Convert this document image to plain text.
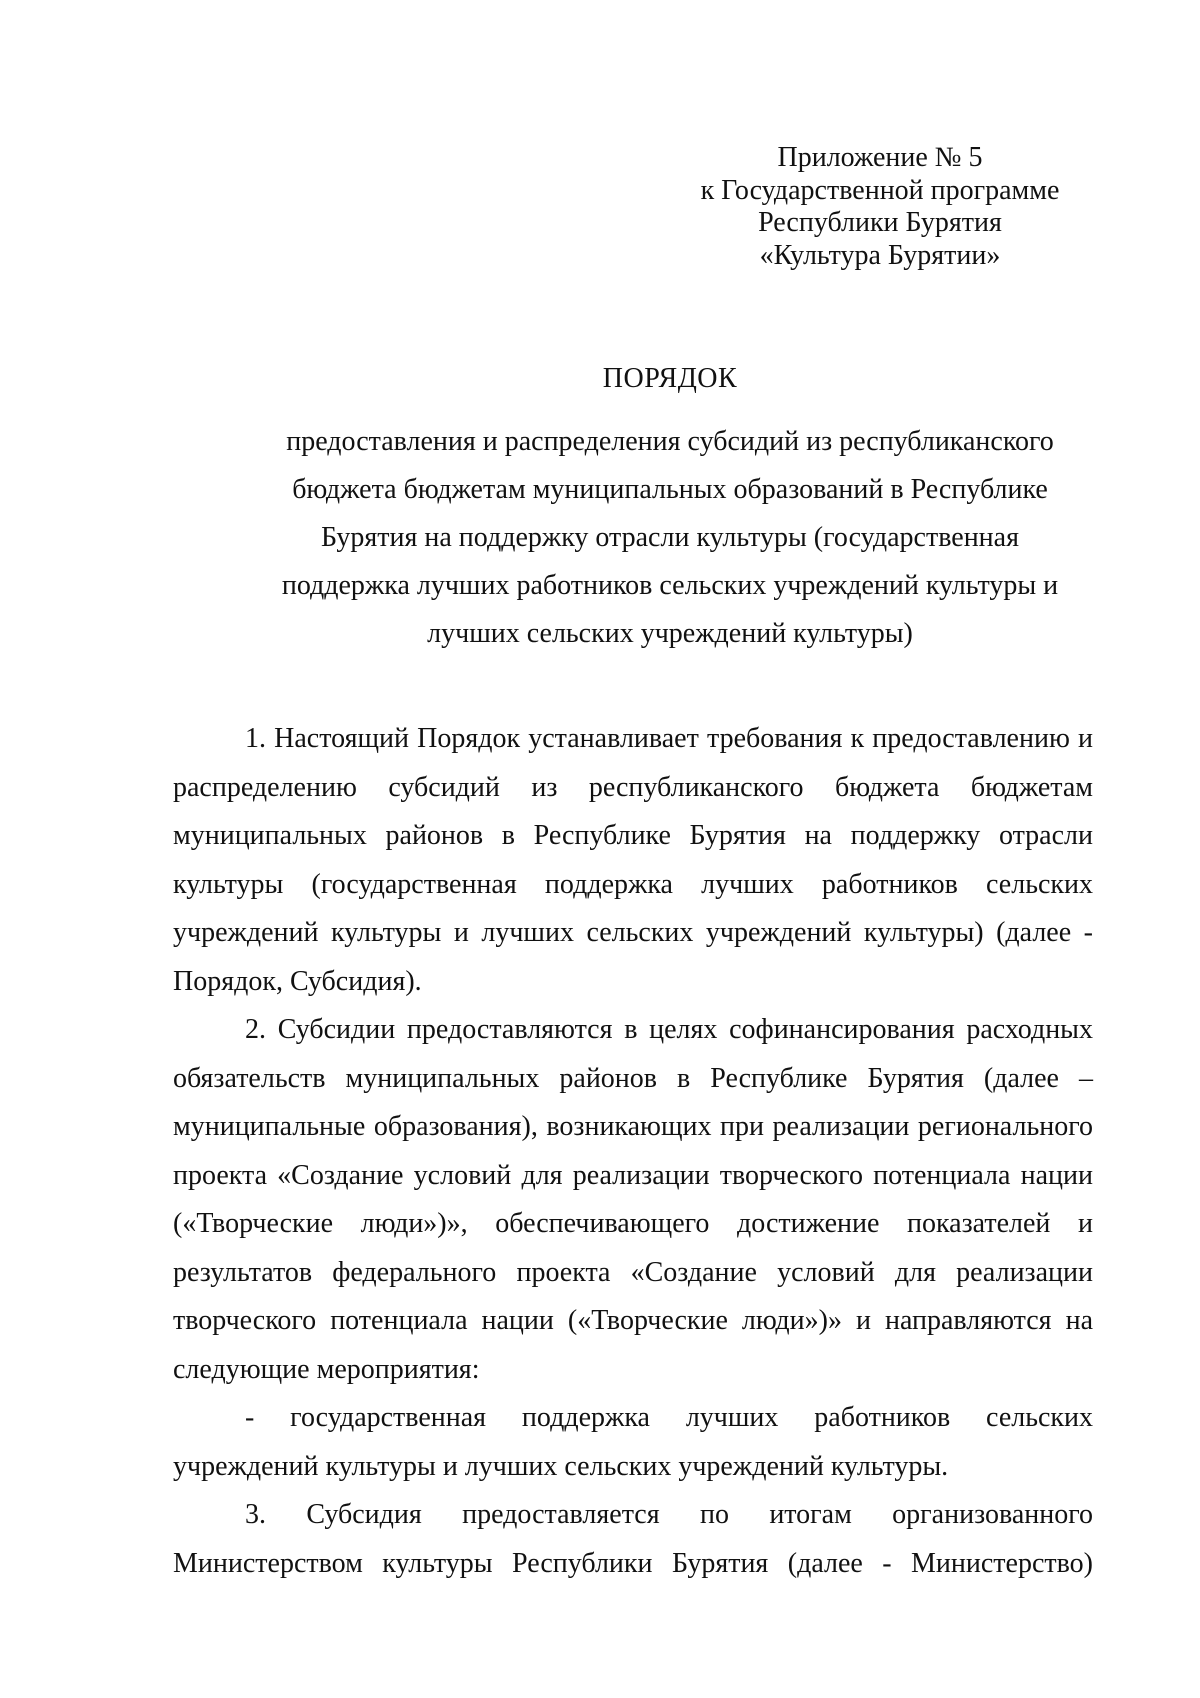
Приложение № 5
к Государственной программе
Республики Бурятия
«Культура Бурятии»
ПОРЯДОК
предоставления и распределения субсидий из республиканского
бюджета бюджетам муниципальных образований в Республике
Бурятия на поддержку отрасли культуры (государственная
поддержка лучших работников сельских учреждений культуры и
лучших сельских учреждений культуры)

1. Настоящий Порядок устанавливает требования к предоставлению и распределению субсидий из республиканского бюджета бюджетам муниципальных районов в Республике Бурятия на поддержку отрасли культуры (государственная поддержка лучших работников сельских учреждений культуры и лучших сельских учреждений культуры) (далее - Порядок, Субсидия).

2. Субсидии предоставляются в целях софинансирования расходных обязательств муниципальных районов в Республике Бурятия (далее – муниципальные образования), возникающих при реализации регионального проекта «Создание условий для реализации творческого потенциала нации («Творческие люди»)», обеспечивающего достижение показателей и результатов федерального проекта «Создание условий для реализации творческого потенциала нации («Творческие люди»)» и направляются на следующие мероприятия:

- государственная поддержка лучших работников сельских учреждений культуры и лучших сельских учреждений культуры.

3. Субсидия предоставляется по итогам организованного Министерством культуры Республики Бурятия (далее - Министерство)
